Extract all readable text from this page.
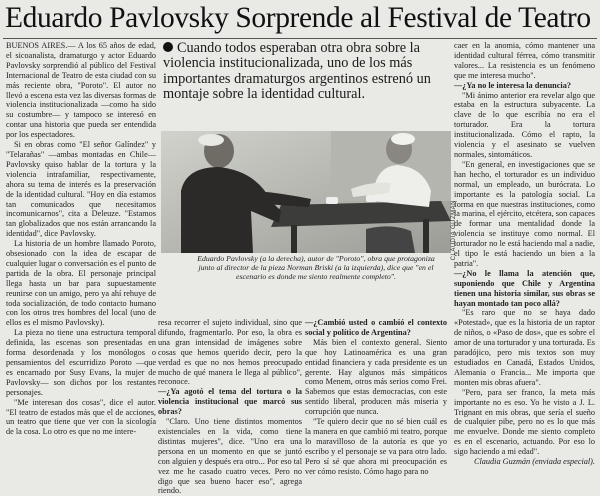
Eduardo Pavlovsky Sorprende al Festival de Teatro

BUENOS AIRES.— A los 65 años de edad, el sicoanalista, dramaturgo y actor Eduardo Pavlovsky sorprendió al público del Festival Internacional de Teatro de esta ciudad con su más reciente obra, "Poroto". El autor no llevó a escena esta vez las diversas formas de violencia institucionalizada —como ha sido su costumbre— y tampoco se interesó en contar una historia que pueda ser entendida por los espectadores.

Si en obras como "El señor Galíndez" y "Telarañas" —ambas montadas en Chile— Pavlovsky quiso hablar de la tortura y la violencia intrafamiliar, respectivamente, ahora su tema de interés es la preservación de la identidad cultural. "Hoy en día estamos tan comunicados que necesitamos incomunicarnos", cita a Deleuze. "Estamos tan globalizados que nos están arrancando la identidad", dice Pavlovsky.

La historia de un hombre llamado Poroto, obsesionado con la idea de escapar de cualquier lugar o conversación es el punto de partida de la obra. El personaje principal llega hasta un bar para supuestamente reunirse con un amigo, pero ya ahí rehuye de toda socialización, de todo contacto humano con los otros tres hombres del local (uno de ellos es el mismo Pavlovsky).

La pieza no tiene una estructura temporal definida, las escenas son presentadas en forma desordenada y los monólogos o pensamientos del escurridizo Poroto —que es encarnado por Susy Evans, la mujer de Pavlovsky— son dichos por los restantes personajes.

"Me interesan dos cosas", dice el autor. "El teatro de estados más que el de acciones, un teatro que tiene que ver con la sicología de la cosa. Lo otro es que no me intere-

Cuando todos esperaban otra obra sobre la violencia institucionalizada, uno de los más importantes dramaturgos argentinos estrenó un montaje sobre la identidad cultural.
CLAUDIA GUZMÁN
Eduardo Pavlovsky (a la derecha), autor de "Poroto", obra que protagoniza junto al director de la pieza Norman Briski (a la izquierda), dice que "en el escenario es donde me siento realmente completo".

resa recorrer el sujeto individual, sino que difundo, fragmentarlo. Por eso, la obra es una gran intensidad de imágenes sobre cosas que hemos querido decir, pero la verdad es que no nos hemos preocupado mucho de qué manera le llega al público", reconoce.

—¿Ya agotó el tema del tortura o la violencia institucional que marcó sus obras?

"Claro. Uno tiene distintos momentos existenciales en la vida, como tiene distintas mujeres", dice. "Uno era una persona en un momento en que se juntó con alguien y después era otro... Por eso tal vez me he casado cuatro veces. Pero no digo que sea bueno hacer eso", agrega riendo.

—¿Cambió usted o cambió el contexto social y político de Argentina?

Más bien el contexto general. Siento que hoy Latinoamérica es una gran entidad financiera y cada presidente es un gerente. Hay algunos más simpáticos como Menem, otros más serios como Frei. Sabemos que estas democracias, con este sentido liberal, producen más miseria y corrupción que nunca.

"Te quiero decir que no sé bien cuál es la manera en que cambió mi teatro, porque lo maravilloso de la autoría es que yo escribo y el personaje se va para otro lado. Pero sí sé que ahora mi preocupación es ver cómo resisto. Cómo hago para no

caer en la anomia, cómo mantener una identidad cultural férrea, cómo transmitir valores... La resistencia es un fenómeno que me interesa mucho".

—¿Ya no le interesa la denuncia?

"Mi ánimo anterior era revelar algo que estaba en la estructura subyacente. La clave de lo que escribía no era el torturador. Era la tortura institucionalizada. Cómo el rapto, la violencia y el asesinato se vuelven normales, sintomáticos.

"En general, en investigaciones que se han hecho, el torturador es un individuo normal, un empleado, un burócrata. Lo importante es la patología social. La forma en que nuestras instituciones, como la marina, el ejército, etcétera, son capaces de formar una mentalidad donde la violencia se instituye como normal. El torturador no le está haciendo mal a nadie, el tipo le está haciendo un bien a la patria".

—¿No le llama la atención que, suponiendo que Chile y Argentina tienen una historia similar, sus obras se hayan montado tan poco allá?

"Es raro que no se haya dado «Potestad», que es la historia de un raptor de niños, o «Paso de dos», que es sobre el amor de una torturador y una torturada. Es paradójico, pero mis textos son muy estudiados en Canadá, Estados Unidos, Alemania o Francia... Me importa que monten mis obras afuera".

"Pero, para ser franco, la meta más importante no es eso. Yo he visto a J. L. Trignant en mis obras, que sería el sueño de cualquier pibe, pero no es lo que más me envuelve. Donde me siento completo es en el escenario, actuando. Por eso lo sigo haciendo a mi edad".

Claudia Guzmán (enviada especial).
